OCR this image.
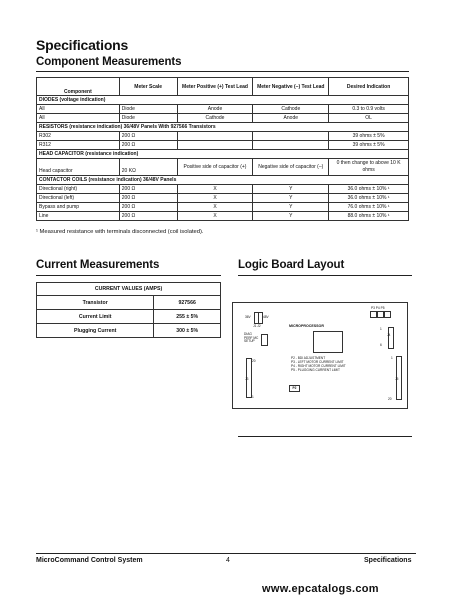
Specifications
Component Measurements
Component	Meter Scale	Meter Positive (+) Test Lead	Meter Negative (–) Test Lead	Desired Indication
DIODES (voltage indication)				
All	Diode	Anode	Cathode	0.3 to 0.9 volts
All	Diode	Cathode	Anode	OL
RESISTORS (resistance indication) 36/48V Panels With 927566 Transistors				
R302	200 Ω			39 ohms ± 5%
R312	200 Ω			39 ohms ± 5%
HEAD CAPACITOR (resistance indication)				
Head capacitor	20 KΩ	Positive side of capacitor (+)	Negative side of capacitor (–)	0 then change to above 10 K ohms
CONTACTOR COILS (resistance indication) 36/48V Panels				
Directional (right)	200 Ω	X	Y	36.0 ohms ± 10% ¹
Directional (left)	200 Ω	X	Y	36.0 ohms ± 10% ¹
Bypass and pump	200 Ω	X	Y	76.0 ohms ± 10% ¹
Line	200 Ω	X	Y	88.0 ohms ± 10% ¹
¹ Measured resistance with terminals disconnected (coil isolated).
Current Measurements
CURRENT VALUES (AMPS)	
Transistor	927566
Current Limit	255 ± 5%
Plugging Current	300 ± 5%
Logic Board Layout
36V	48V
J1 J2
P3 P4 P5
MICROPROCESSOR
DIAG PERF MC SETUP
1
J4
6
20
J3
1
P2 - BDI ADJUSTMENT
P3 - LEFT MOTOR CURRENT LIMIT
P4 - RIGHT MOTOR CURRENT LIMIT
P5 - PLUGGING CURRENT LIMIT
P2
1
J5
20
MicroCommand Control System	4	Specifications
www.epcatalogs.com
